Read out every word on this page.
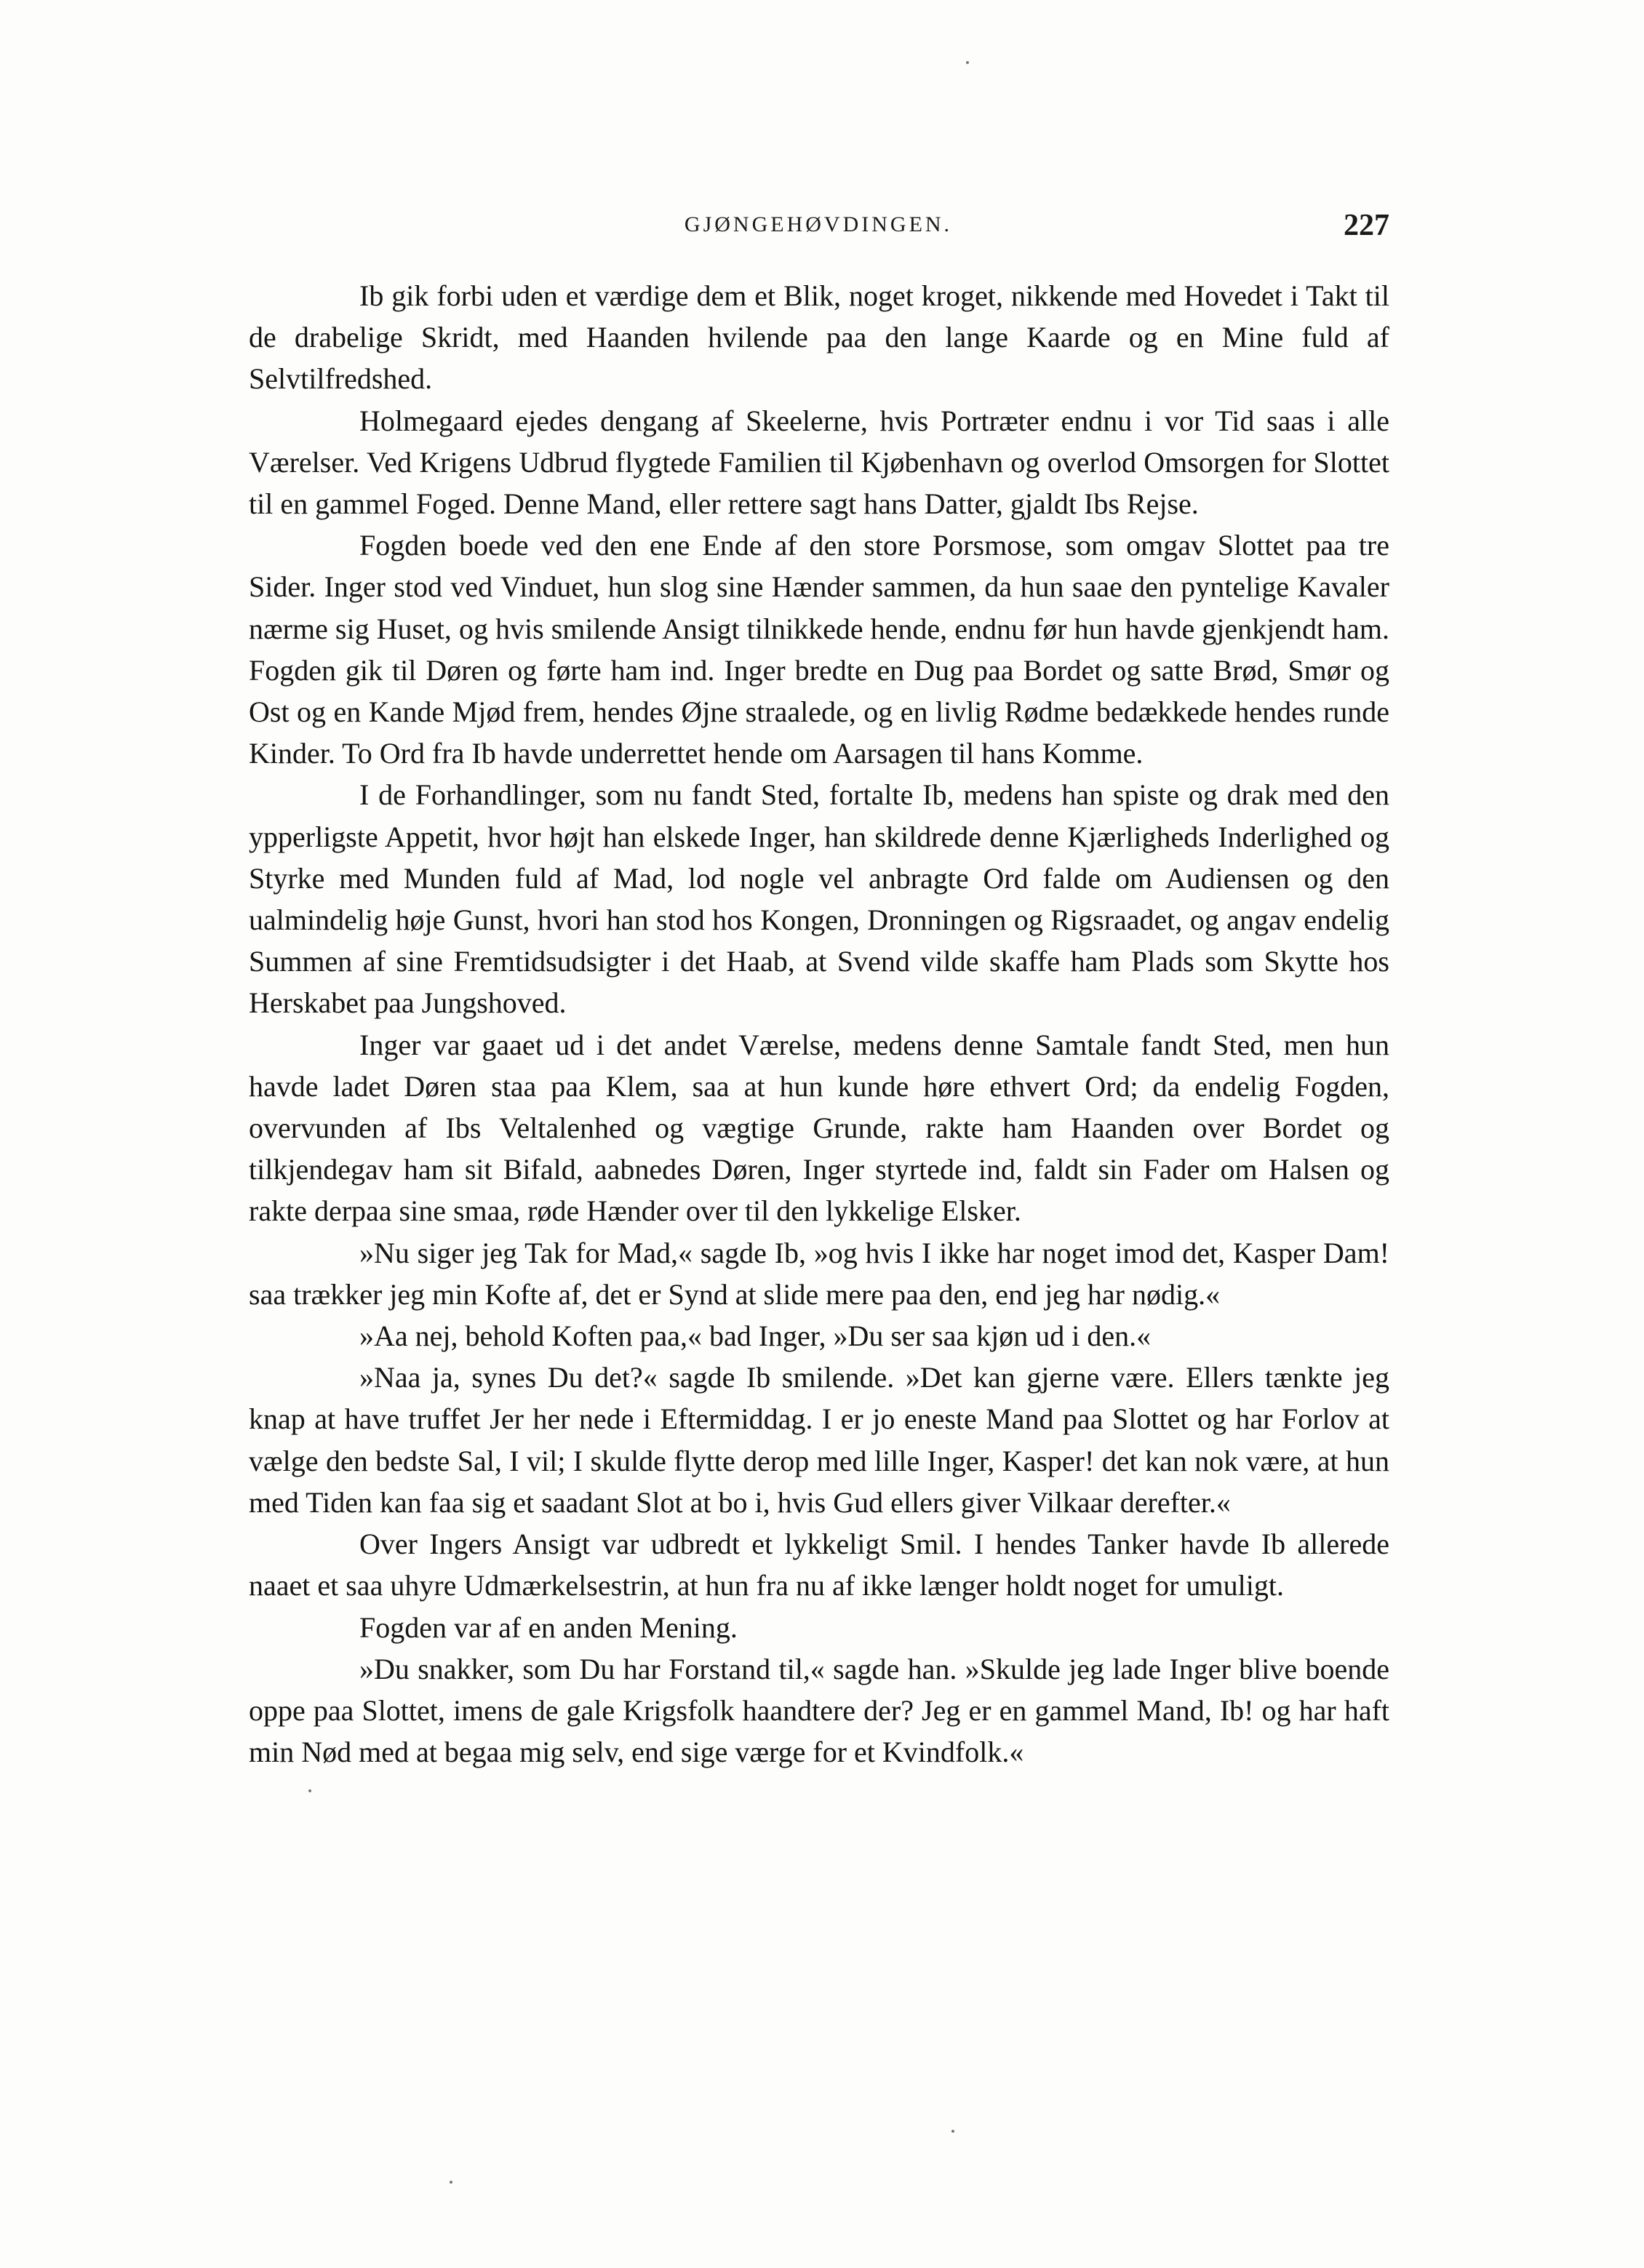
GJØNGEHØVDINGEN.	227

Ib gik forbi uden et værdige dem et Blik, noget kroget, nikkende med Hovedet i Takt til de drabelige Skridt, med Haanden hvilende paa den lange Kaarde og en Mine fuld af Selvtilfredshed.

Holmegaard ejedes dengang af Skeelerne, hvis Portræter endnu i vor Tid saas i alle Værelser. Ved Krigens Udbrud flygtede Familien til Kjøbenhavn og overlod Omsorgen for Slottet til en gammel Foged. Denne Mand, eller rettere sagt hans Datter, gjaldt Ibs Rejse.

Fogden boede ved den ene Ende af den store Porsmose, som omgav Slottet paa tre Sider. Inger stod ved Vinduet, hun slog sine Hænder sammen, da hun saae den pyntelige Kavaler nærme sig Huset, og hvis smilende Ansigt tilnikkede hende, endnu før hun havde gjenkjendt ham. Fogden gik til Døren og førte ham ind. Inger bredte en Dug paa Bordet og satte Brød, Smør og Ost og en Kande Mjød frem, hendes Øjne straalede, og en livlig Rødme bedækkede hendes runde Kinder. To Ord fra Ib havde underrettet hende om Aarsagen til hans Komme.

I de Forhandlinger, som nu fandt Sted, fortalte Ib, medens han spiste og drak med den ypperligste Appetit, hvor højt han elskede Inger, han skildrede denne Kjærligheds Inderlighed og Styrke med Munden fuld af Mad, lod nogle vel anbragte Ord falde om Audiensen og den ualmindelig høje Gunst, hvori han stod hos Kongen, Dronningen og Rigsraadet, og angav endelig Summen af sine Fremtidsudsigter i det Haab, at Svend vilde skaffe ham Plads som Skytte hos Herskabet paa Jungshoved.

Inger var gaaet ud i det andet Værelse, medens denne Samtale fandt Sted, men hun havde ladet Døren staa paa Klem, saa at hun kunde høre ethvert Ord; da endelig Fogden, overvunden af Ibs Veltalenhed og vægtige Grunde, rakte ham Haanden over Bordet og tilkjendegav ham sit Bifald, aabnedes Døren, Inger styrtede ind, faldt sin Fader om Halsen og rakte derpaa sine smaa, røde Hænder over til den lykkelige Elsker.

»Nu siger jeg Tak for Mad,« sagde Ib, »og hvis I ikke har noget imod det, Kasper Dam! saa trækker jeg min Kofte af, det er Synd at slide mere paa den, end jeg har nødig.«

»Aa nej, behold Koften paa,« bad Inger, »Du ser saa kjøn ud i den.«

»Naa ja, synes Du det?« sagde Ib smilende. »Det kan gjerne være. Ellers tænkte jeg knap at have truffet Jer her nede i Eftermiddag. I er jo eneste Mand paa Slottet og har Forlov at vælge den bedste Sal, I vil; I skulde flytte derop med lille Inger, Kasper! det kan nok være, at hun med Tiden kan faa sig et saadant Slot at bo i, hvis Gud ellers giver Vilkaar derefter.«

Over Ingers Ansigt var udbredt et lykkeligt Smil. I hendes Tanker havde Ib allerede naaet et saa uhyre Udmærkelsestrin, at hun fra nu af ikke længer holdt noget for umuligt.

Fogden var af en anden Mening.

»Du snakker, som Du har Forstand til,« sagde han. »Skulde jeg lade Inger blive boende oppe paa Slottet, imens de gale Krigsfolk haandtere der? Jeg er en gammel Mand, Ib! og har haft min Nød med at begaa mig selv, end sige værge for et Kvindfolk.«
